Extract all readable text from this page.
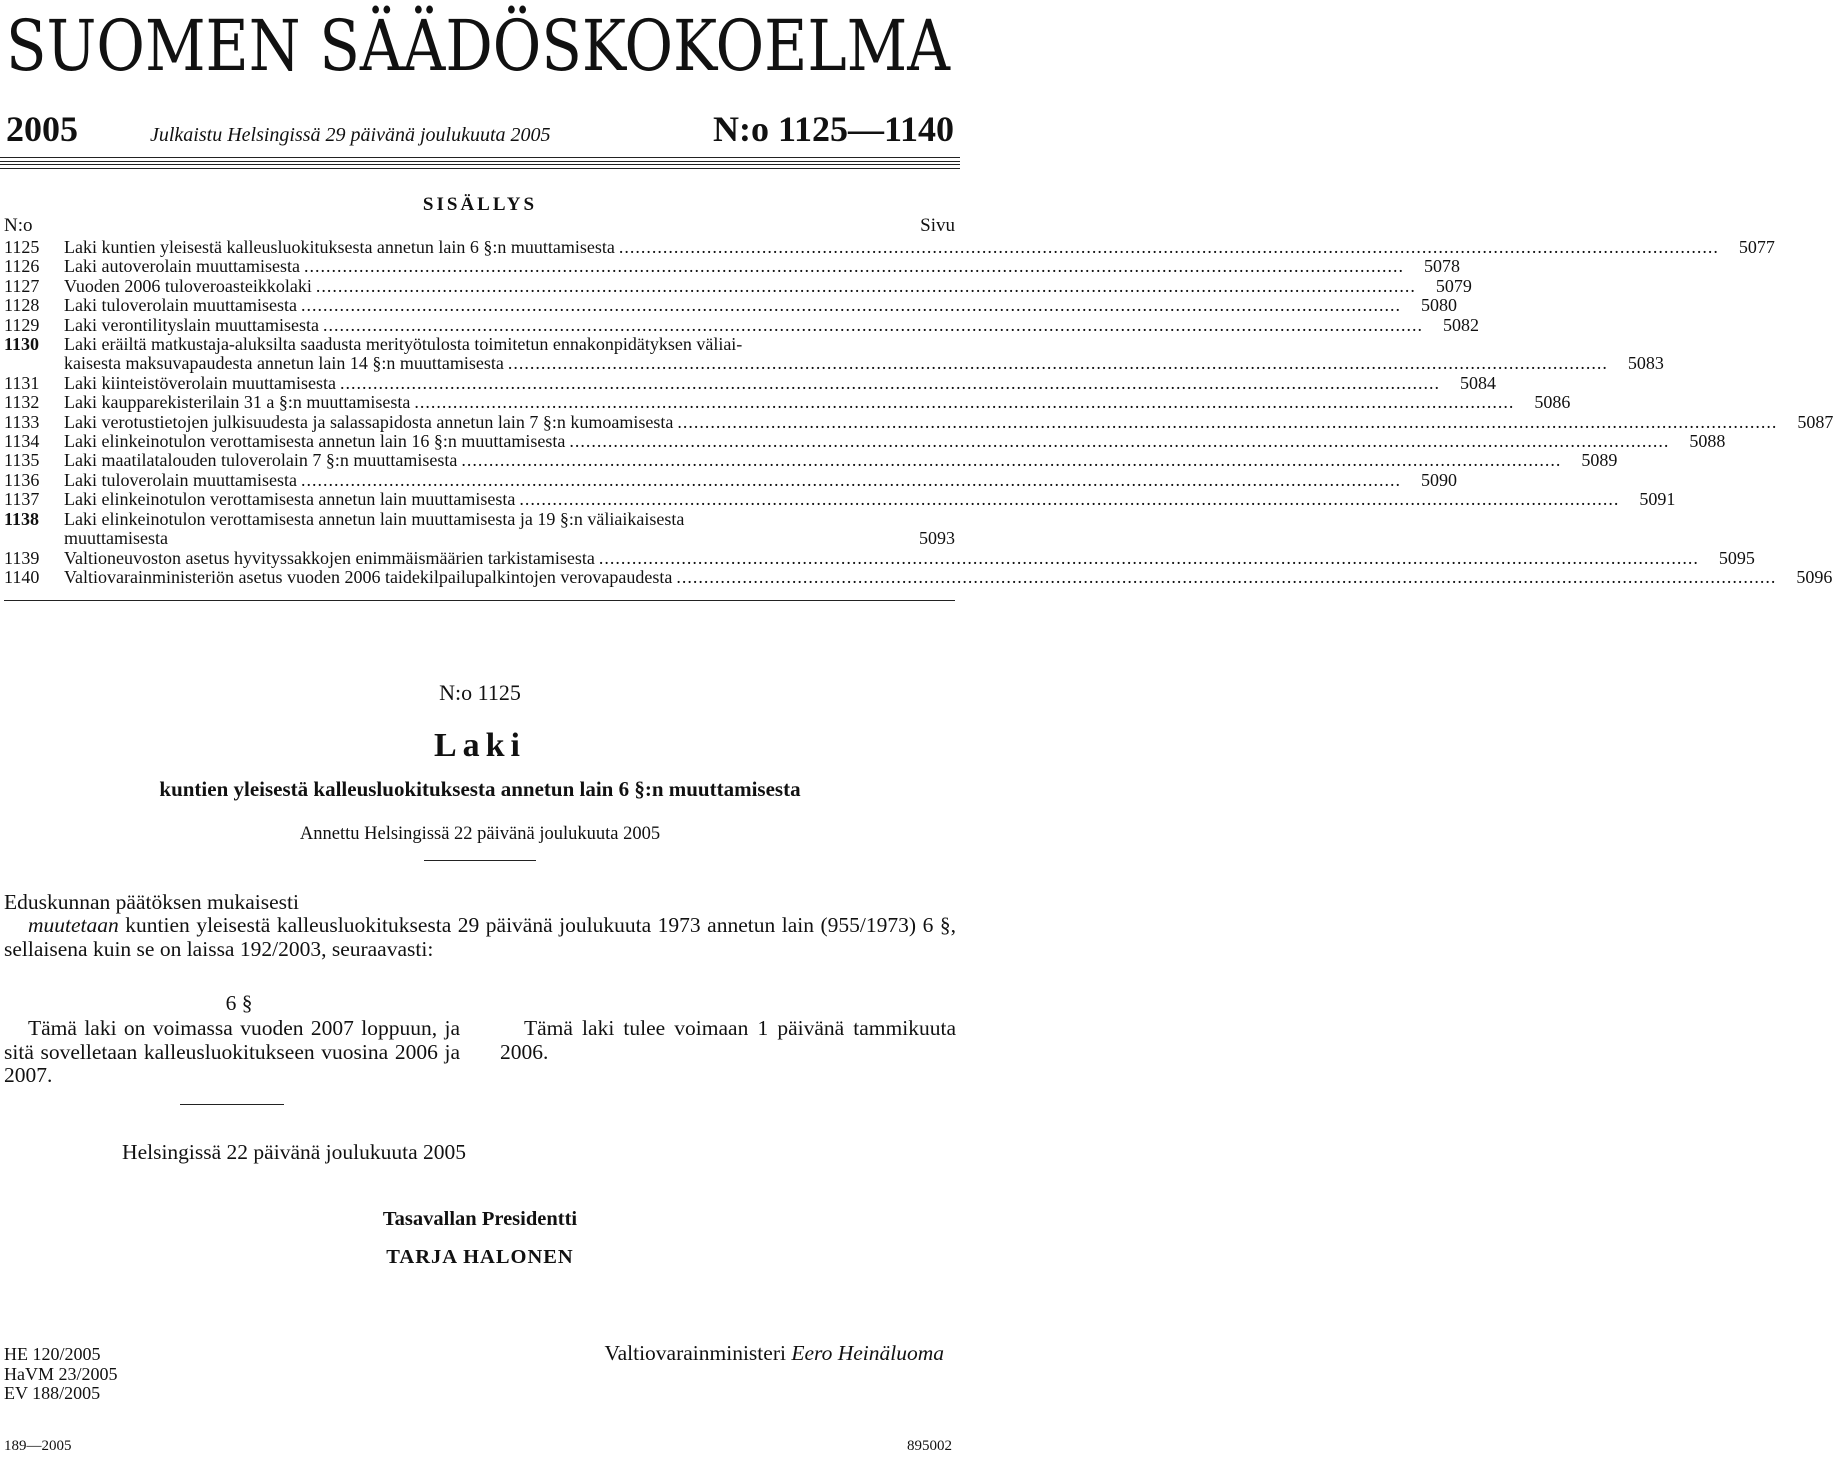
SUOMEN SÄÄDÖSKOKOELMA
2005	Julkaistu Helsingissä 29 päivänä joulukuuta 2005	N:o 1125—1140
SISÄLLYS
N:o	Sivu
1125	Laki kuntien yleisestä kalleusluokituksesta annetun lain 6 §:n muuttamisesta ........................................................................................................................................................................................................	5077
1126	Laki autoverolain muuttamisesta ........................................................................................................................................................................................................	5078
1127	Vuoden 2006 tuloveroasteikkolaki ........................................................................................................................................................................................................	5079
1128	Laki tuloverolain muuttamisesta ........................................................................................................................................................................................................	5080
1129	Laki verontilityslain muuttamisesta ........................................................................................................................................................................................................	5082
1130	Laki eräiltä matkustaja-aluksilta saadusta merityötulosta toimitetun ennakonpidätyksen väliai-
kaisesta maksuvapaudesta annetun lain 14 §:n muuttamisesta ........................................................................................................................................................................................................	5083
1131	Laki kiinteistöverolain muuttamisesta ........................................................................................................................................................................................................	5084
1132	Laki kaupparekisterilain 31 a §:n muuttamisesta ........................................................................................................................................................................................................	5086
1133	Laki verotustietojen julkisuudesta ja salassapidosta annetun lain 7 §:n kumoamisesta ........................................................................................................................................................................................................	5087
1134	Laki elinkeinotulon verottamisesta annetun lain 16 §:n muuttamisesta ........................................................................................................................................................................................................	5088
1135	Laki maatilatalouden tuloverolain 7 §:n muuttamisesta ........................................................................................................................................................................................................	5089
1136	Laki tuloverolain muuttamisesta ........................................................................................................................................................................................................	5090
1137	Laki elinkeinotulon verottamisesta annetun lain muuttamisesta ........................................................................................................................................................................................................	5091
1138	Laki elinkeinotulon verottamisesta annetun lain muuttamisesta ja 19 §:n väliaikaisesta
muuttamisesta	5093
1139	Valtioneuvoston asetus hyvityssakkojen enimmäismäärien tarkistamisesta ........................................................................................................................................................................................................	5095
1140	Valtiovarainministeriön asetus vuoden 2006 taidekilpailupalkintojen verovapaudesta ........................................................................................................................................................................................................	5096
N:o 1125
Laki
kuntien yleisestä kalleusluokituksesta annetun lain 6 §:n muuttamisesta
Annettu Helsingissä 22 päivänä joulukuuta 2005
Eduskunnan päätöksen mukaisesti
muutetaan kuntien yleisestä kalleusluokituksesta 29 päivänä joulukuuta 1973 annetun lain (955/1973) 6 §, sellaisena kuin se on laissa 192/2003, seuraavasti:
6 §
Tämä laki on voimassa vuoden 2007 loppuun, ja sitä sovelletaan kalleusluokitukseen vuosina 2006 ja 2007.
Tämä laki tulee voimaan 1 päivänä tammikuuta 2006.
Helsingissä 22 päivänä joulukuuta 2005
Tasavallan Presidentti
TARJA HALONEN
HE 120/2005
HaVM 23/2005
EV 188/2005
Valtiovarainministeri Eero Heinäluoma
189—2005	895002
